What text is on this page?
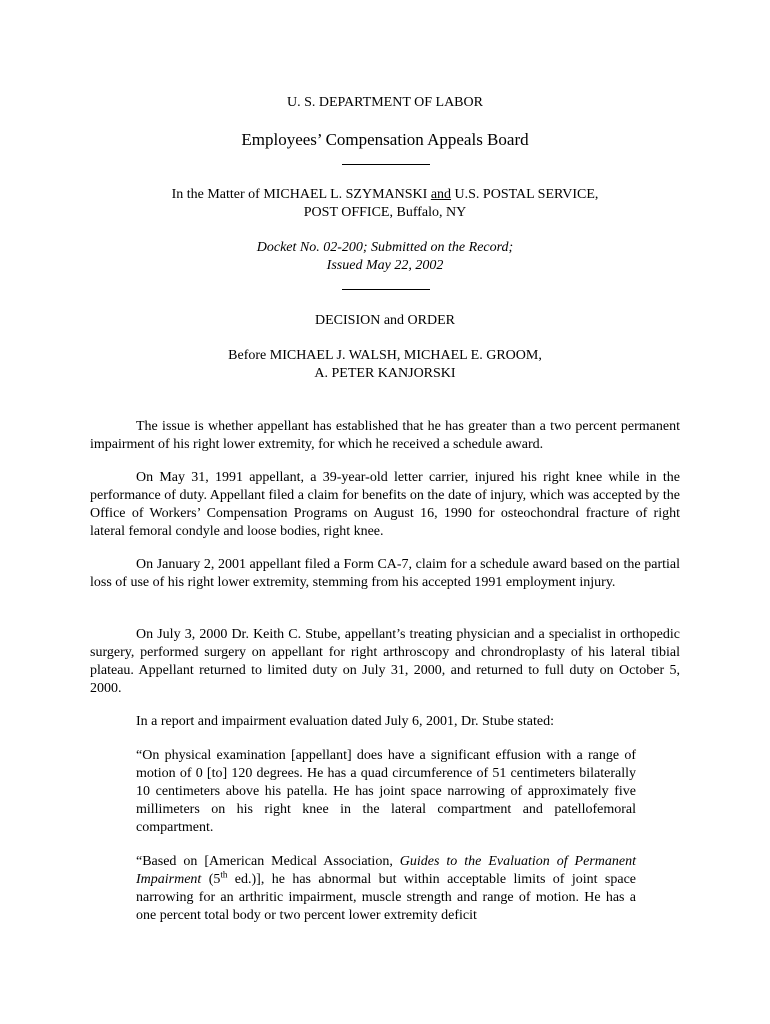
U. S. DEPARTMENT OF LABOR
Employees’ Compensation Appeals Board
In the Matter of MICHAEL L. SZYMANSKI and U.S. POSTAL SERVICE,
POST OFFICE, Buffalo, NY
Docket No. 02-200; Submitted on the Record;
Issued May 22, 2002
DECISION and ORDER
Before MICHAEL J. WALSH, MICHAEL E. GROOM,
A. PETER KANJORSKI
The issue is whether appellant has established that he has greater than a two percent permanent impairment of his right lower extremity, for which he received a schedule award.
On May 31, 1991 appellant, a 39-year-old letter carrier, injured his right knee while in the performance of duty. Appellant filed a claim for benefits on the date of injury, which was accepted by the Office of Workers’ Compensation Programs on August 16, 1990 for osteochondral fracture of right lateral femoral condyle and loose bodies, right knee.
On January 2, 2001 appellant filed a Form CA-7, claim for a schedule award based on the partial loss of use of his right lower extremity, stemming from his accepted 1991 employment injury.
On July 3, 2000 Dr. Keith C. Stube, appellant’s treating physician and a specialist in orthopedic surgery, performed surgery on appellant for right arthroscopy and chrondroplasty of his lateral tibial plateau. Appellant returned to limited duty on July 31, 2000, and returned to full duty on October 5, 2000.
In a report and impairment evaluation dated July 6, 2001, Dr. Stube stated:
“On physical examination [appellant] does have a significant effusion with a range of motion of 0 [to] 120 degrees. He has a quad circumference of 51 centimeters bilaterally 10 centimeters above his patella. He has joint space narrowing of approximately five millimeters on his right knee in the lateral compartment and patellofemoral compartment.
“Based on [American Medical Association, Guides to the Evaluation of Permanent Impairment (5th ed.)], he has abnormal but within acceptable limits of joint space narrowing for an arthritic impairment, muscle strength and range of motion. He has a one percent total body or two percent lower extremity deficit
